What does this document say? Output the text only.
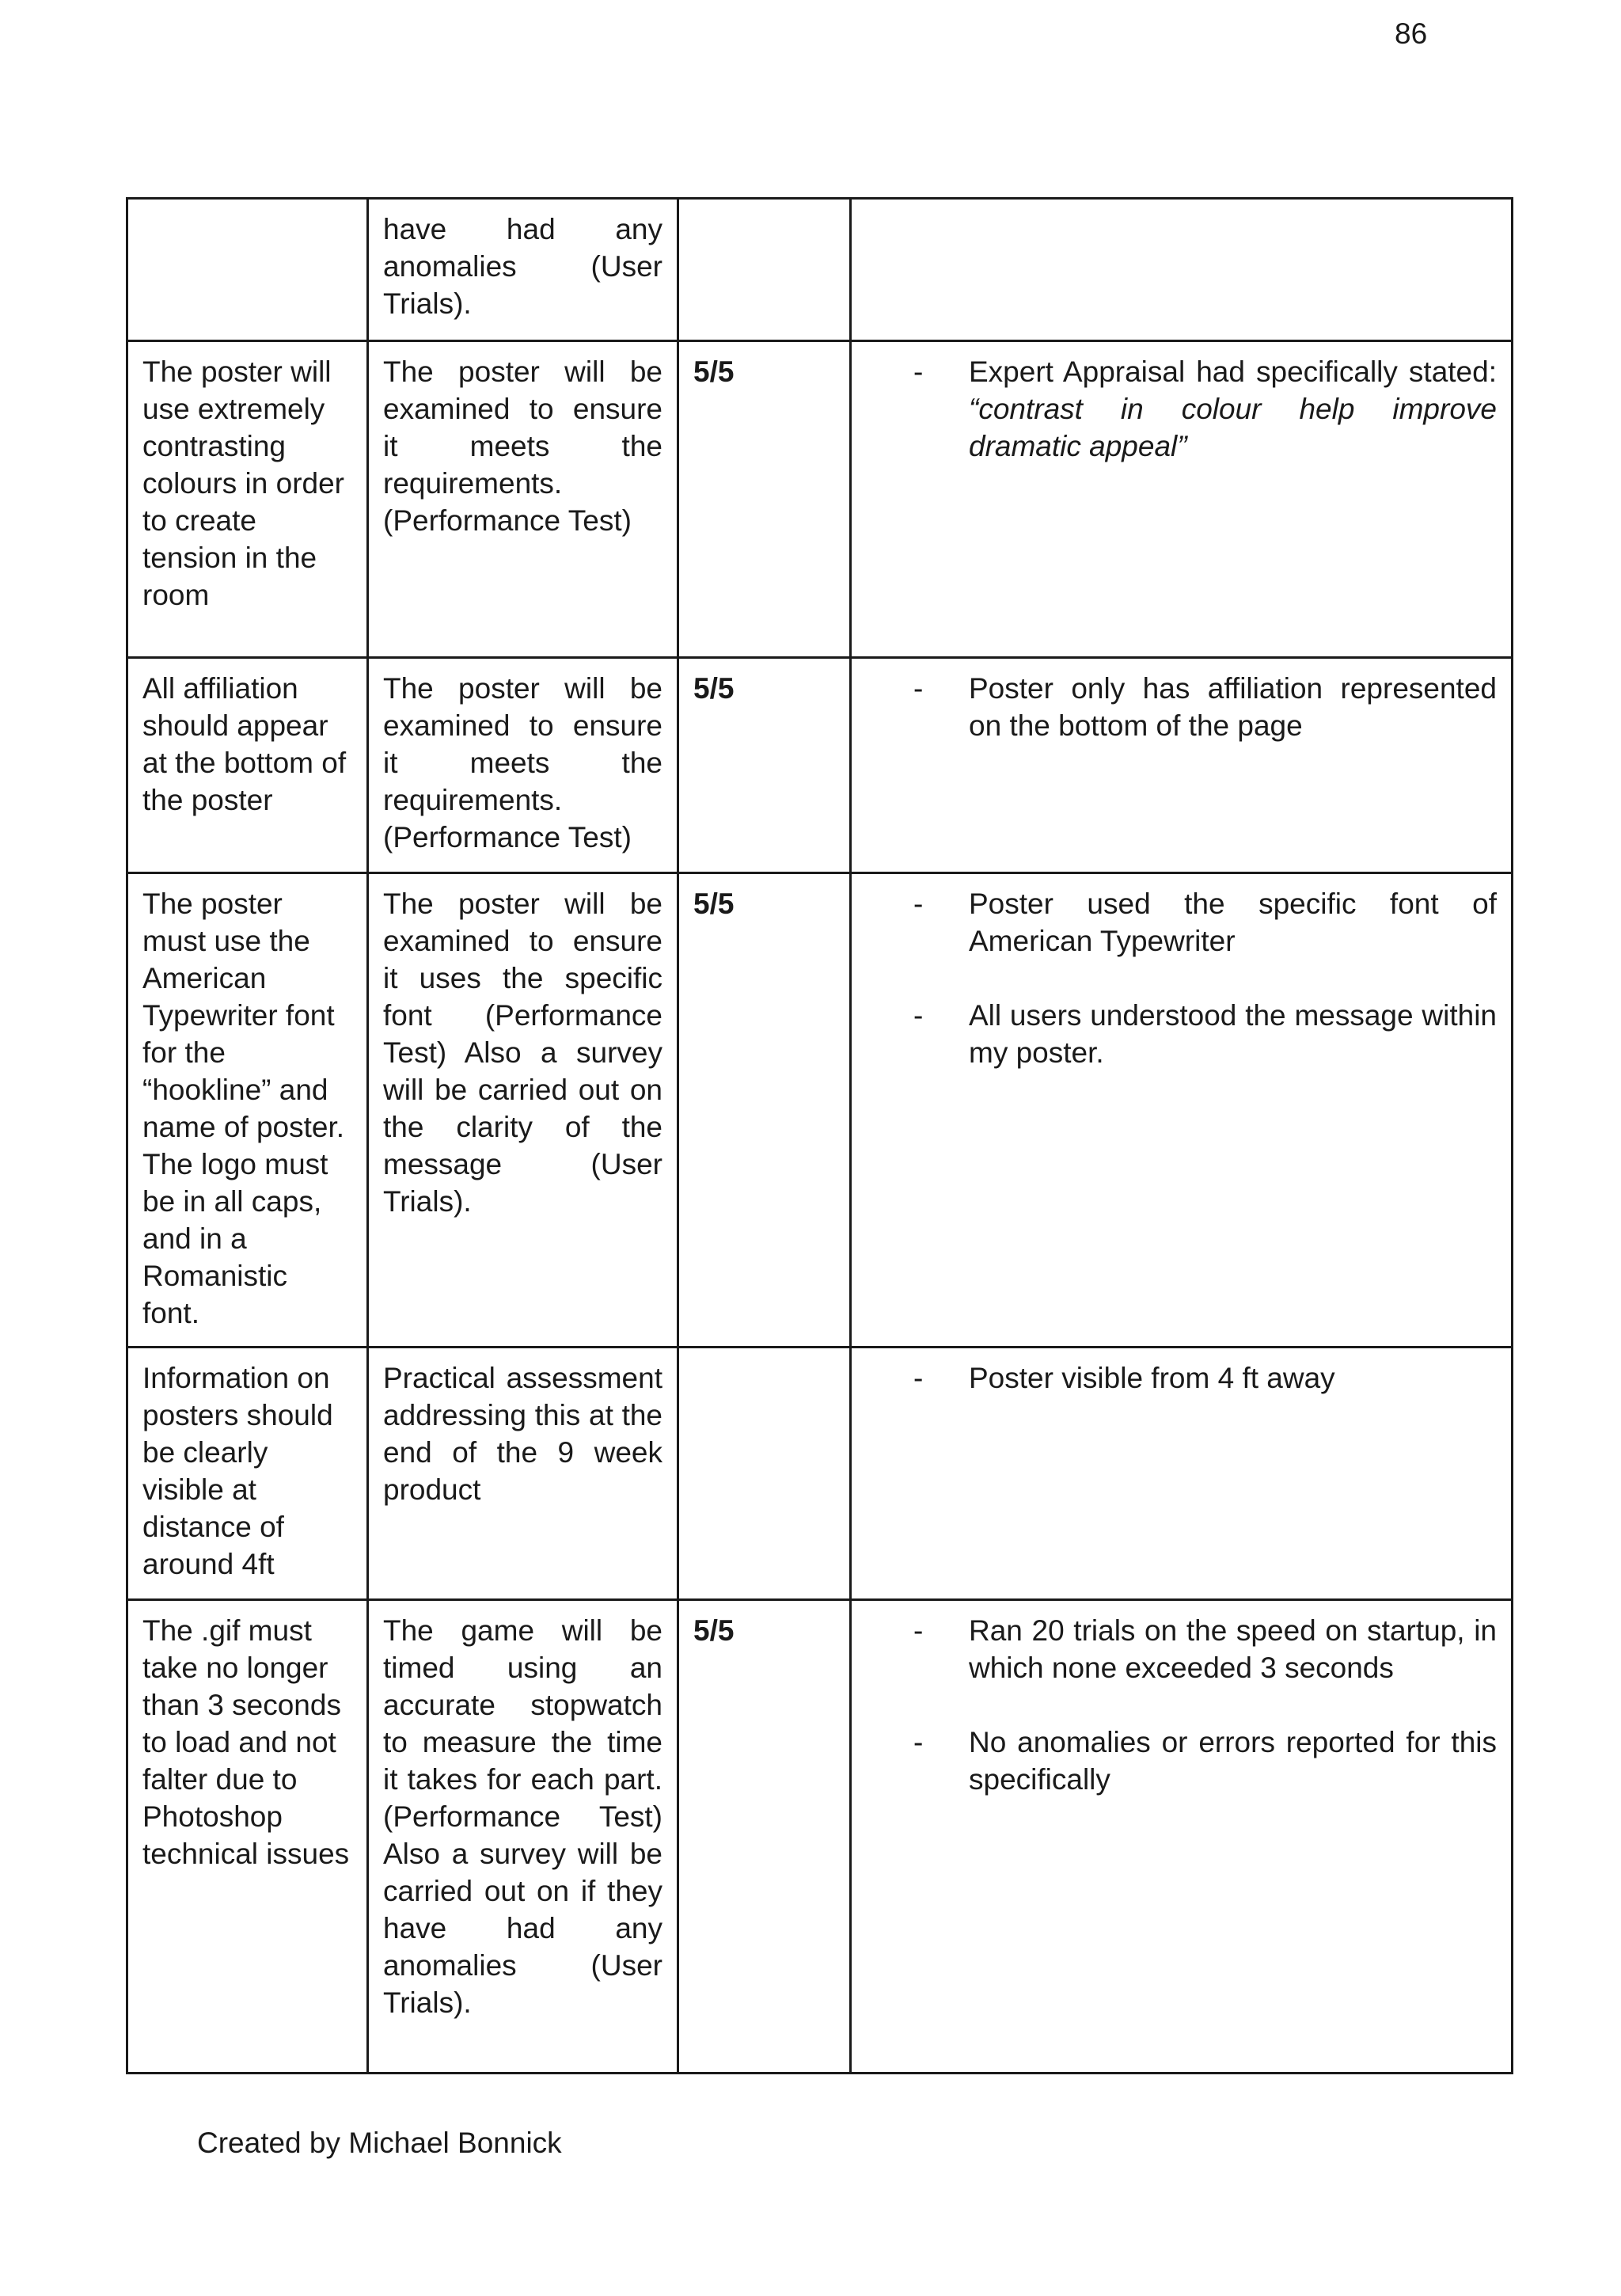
86
	have had any anomalies (User Trials).		
The poster will use extremely contrasting colours in order to create tension in the room	The poster will be examined to ensure it meets the requirements. (Performance Test)	5/5	- Expert Appraisal had specifically stated: “contrast in colour help improve dramatic appeal”

All affiliation should appear at the bottom of the poster	The poster will be examined to ensure it meets the requirements. (Performance Test)	5/5	- Poster only has affiliation represented on the bottom of the page

The poster must use the American Typewriter font for the “hookline” and name of poster. The logo must be in all caps, and in a Romanistic font.	The poster will be examined to ensure it uses the specific font (Performance Test) Also a survey will be carried out on the clarity of the message (User Trials).	5/5	- Poster used the specific font of American Typewriter
- All users understood the message within my poster.

Information on posters should be clearly visible at distance of around 4ft	Practical assessment addressing this at the end of the 9 week product		- Poster visible from 4 ft away

The .gif must take no longer than 3 seconds to load and not falter due to Photoshop technical issues	The game will be timed using an accurate stopwatch to measure the time it takes for each part. (Performance Test) Also a survey will be carried out on if they have had any anomalies (User Trials).	5/5	- Ran 20 trials on the speed on startup, in which none exceeded 3 seconds
- No anomalies or errors reported for this specifically
Created by Michael Bonnick
